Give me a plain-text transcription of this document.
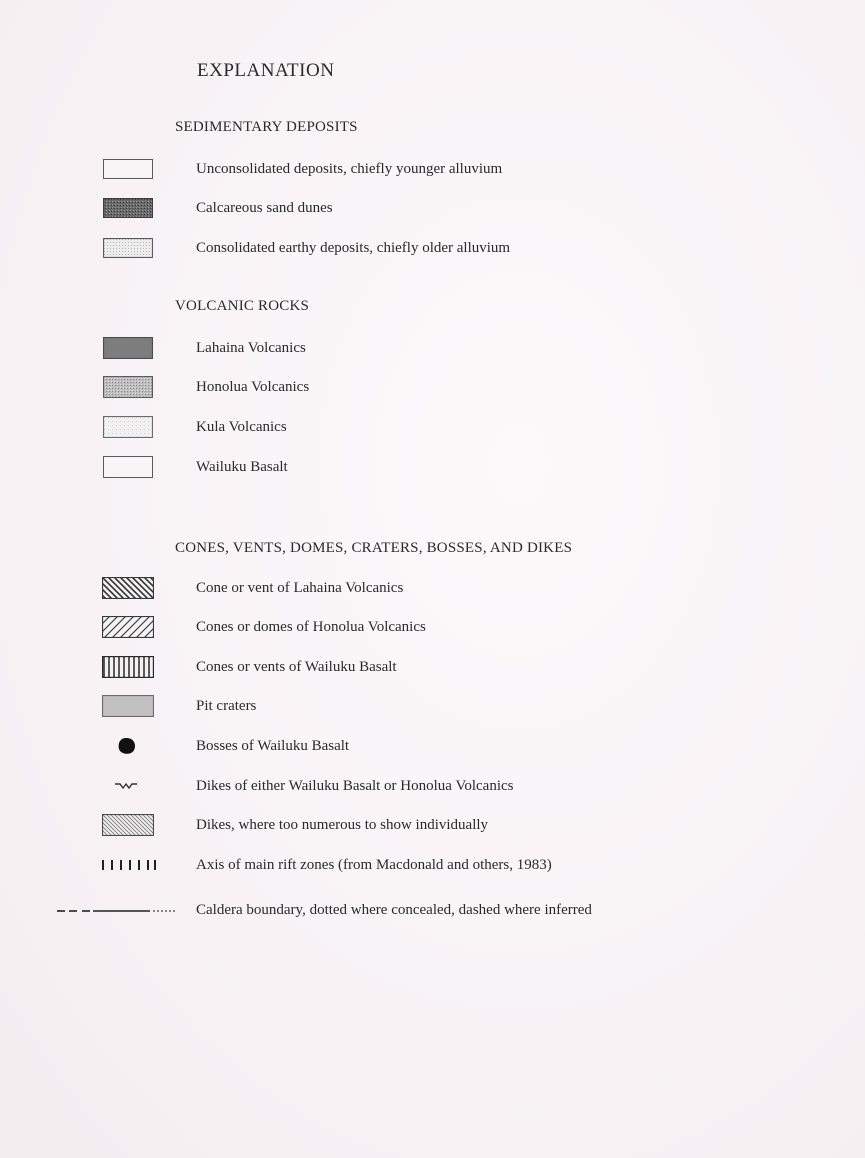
EXPLANATION
SEDIMENTARY DEPOSITS
Unconsolidated deposits, chiefly younger alluvium
Calcareous sand dunes
Consolidated earthy deposits, chiefly older alluvium
VOLCANIC ROCKS
Lahaina Volcanics
Honolua Volcanics
Kula Volcanics
Wailuku Basalt
CONES, VENTS, DOMES, CRATERS, BOSSES, AND DIKES
Cone or vent of Lahaina Volcanics
Cones or domes of Honolua Volcanics
Cones or vents of Wailuku Basalt
Pit craters
Bosses of Wailuku Basalt
Dikes of either Wailuku Basalt or Honolua Volcanics
Dikes, where too numerous to show individually
Axis of main rift zones (from Macdonald and others, 1983)
Caldera boundary, dotted where concealed, dashed where inferred
